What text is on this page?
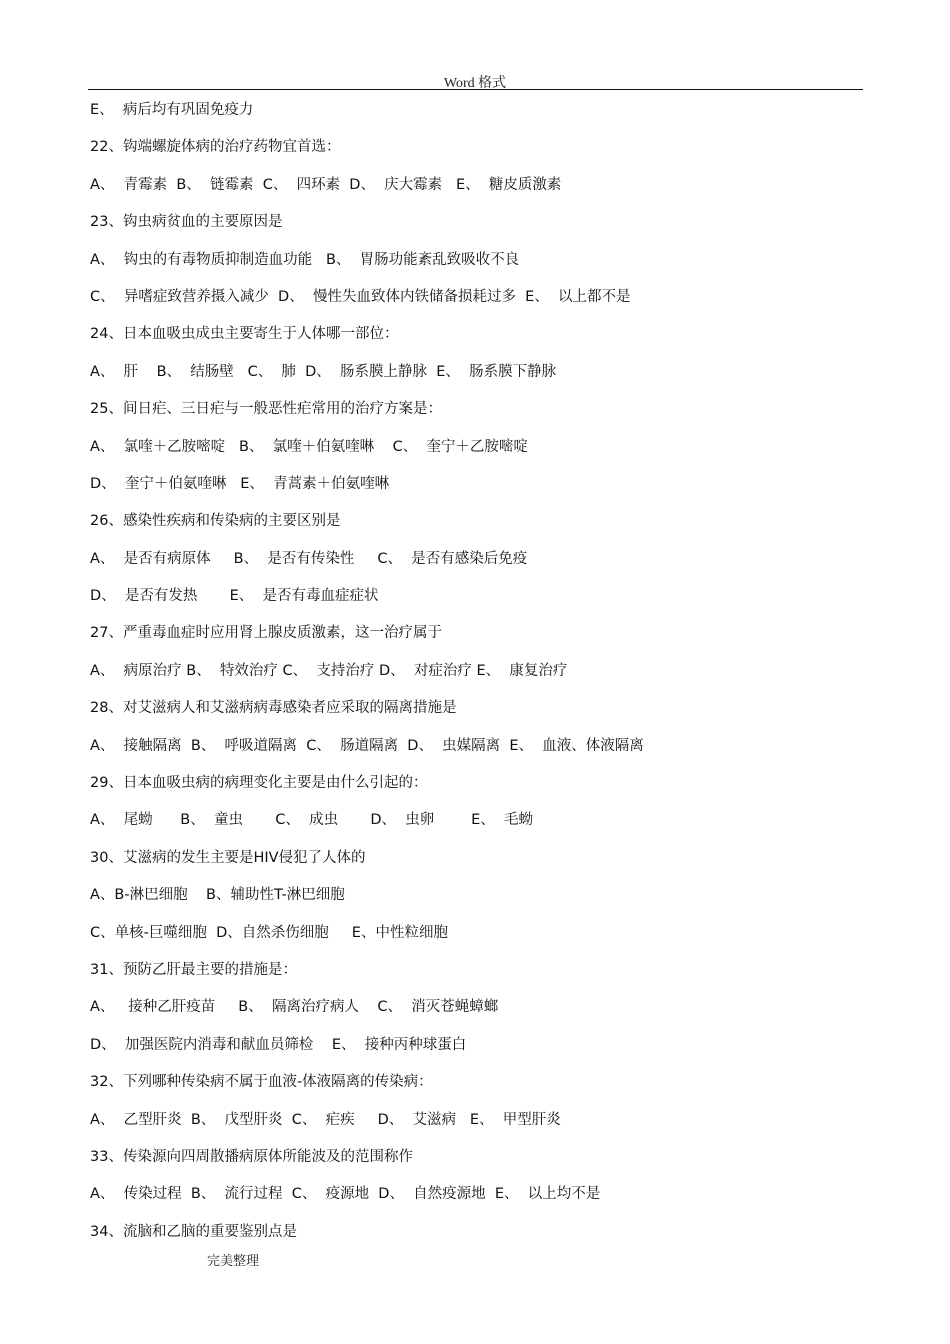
Word 格式
E、  病后均有巩固免疫力
22、钩端螺旋体病的治疗药物宜首选：
A、  青霉素  B、  链霉素  C、  四环素  D、  庆大霉素   E、  糖皮质激素
23、钩虫病贫血的主要原因是
A、  钩虫的有毒物质抑制造血功能   B、  胃肠功能紊乱致吸收不良
C、  异嗜症致营养摄入减少  D、  慢性失血致体内铁储备损耗过多  E、  以上都不是
24、日本血吸虫成虫主要寄生于人体哪一部位：
A、  肝    B、  结肠壁   C、  肺  D、  肠系膜上静脉  E、  肠系膜下静脉
25、间日疟、三日疟与一般恶性疟常用的治疗方案是：
A、  氯喹＋乙胺嘧啶   B、  氯喹＋伯氨喹啉    C、  奎宁＋乙胺嘧啶
D、  奎宁＋伯氨喹啉   E、  青蒿素＋伯氨喹啉
26、感染性疾病和传染病的主要区别是
A、  是否有病原体     B、  是否有传染性     C、  是否有感染后免疫
D、  是否有发热       E、  是否有毒血症症状
27、严重毒血症时应用肾上腺皮质激素，这一治疗属于
A、  病原治疗 B、  特效治疗 C、  支持治疗 D、  对症治疗 E、  康复治疗
28、对艾滋病人和艾滋病病毒感染者应采取的隔离措施是
A、  接触隔离  B、  呼吸道隔离  C、  肠道隔离  D、  虫媒隔离  E、  血液、体液隔离
29、日本血吸虫病的病理变化主要是由什么引起的：
A、  尾蚴      B、  童虫       C、  成虫       D、  虫卵        E、  毛蚴
30、艾滋病的发生主要是HIV侵犯了人体的
A、B-淋巴细胞    B、辅助性T-淋巴细胞
C、单核-巨噬细胞  D、自然杀伤细胞     E、中性粒细胞
31、预防乙肝最主要的措施是：
A、   接种乙肝疫苗     B、  隔离治疗病人    C、  消灭苍蝇蟑螂
D、  加强医院内消毒和献血员筛检    E、  接种丙种球蛋白
32、下列哪种传染病不属于血液-体液隔离的传染病：
A、  乙型肝炎  B、  戊型肝炎  C、  疟疾     D、  艾滋病   E、  甲型肝炎
33、传染源向四周散播病原体所能波及的范围称作
A、  传染过程  B、  流行过程  C、  疫源地  D、  自然疫源地  E、  以上均不是
34、流脑和乙脑的重要鉴别点是
完美整理
